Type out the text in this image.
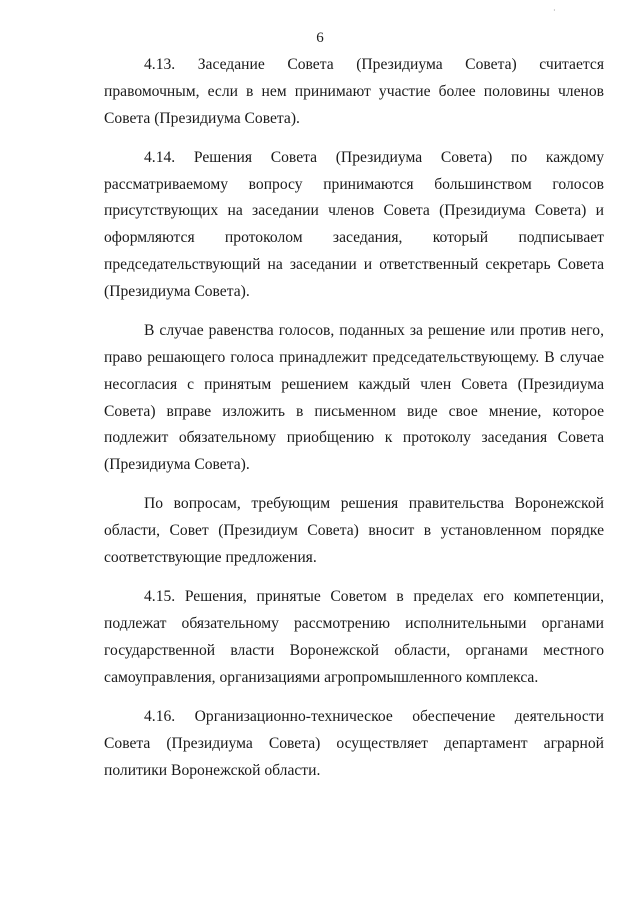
·
6

4.13. Заседание Совета (Президиума Совета) считается правомочным, если в нем принимают участие более половины членов Совета (Президиума Совета).

4.14. Решения Совета (Президиума Совета) по каждому рассматриваемому вопросу принимаются большинством голосов присутствующих на заседании членов Совета (Президиума Совета) и оформляются протоколом заседания, который подписывает председательствующий на заседании и ответственный секретарь Совета (Президиума Совета).

В случае равенства голосов, поданных за решение или против него, право решающего голоса принадлежит председательствующему. В случае несогласия с принятым решением каждый член Совета (Президиума Совета) вправе изложить в письменном виде свое мнение, которое подлежит обязательному приобщению к протоколу заседания Совета (Президиума Совета).

По вопросам, требующим решения правительства Воронежской области, Совет (Президиум Совета) вносит в установленном порядке соответствующие предложения.

4.15. Решения, принятые Советом в пределах его компетенции, подлежат обязательному рассмотрению исполнительными органами государственной власти Воронежской области, органами местного самоуправления, организациями агропромышленного комплекса.

4.16. Организационно-техническое обеспечение деятельности Совета (Президиума Совета) осуществляет департамент аграрной политики Воронежской области.
